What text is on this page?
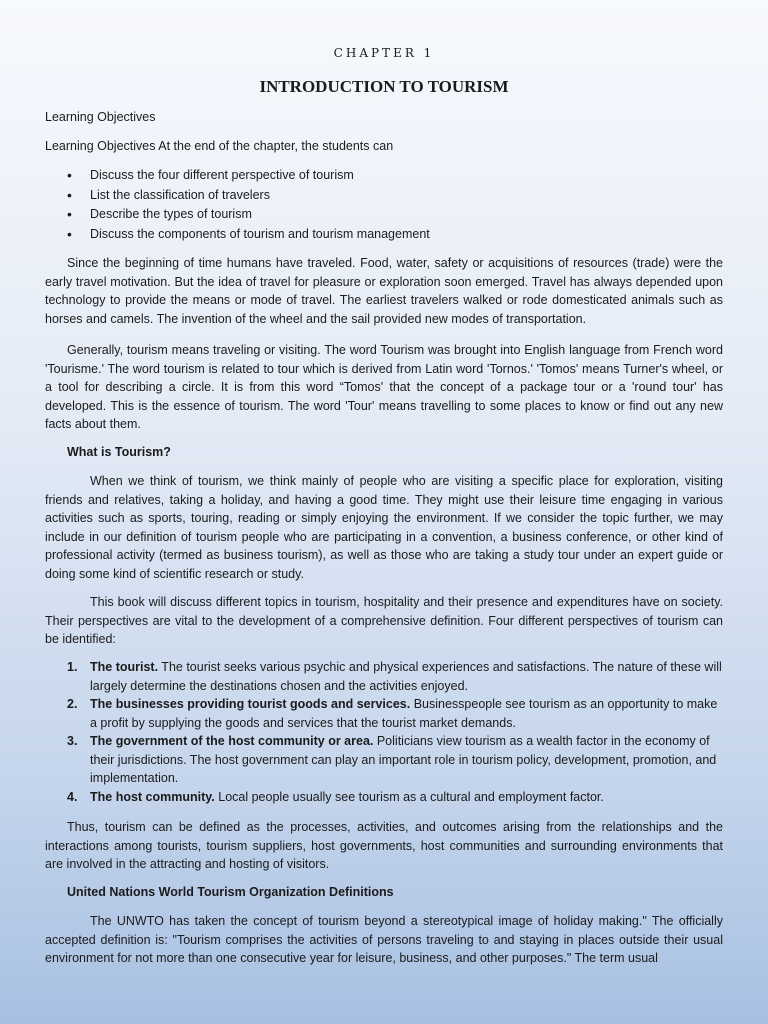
CHAPTER 1
INTRODUCTION TO TOURISM
Learning Objectives
Learning Objectives At the end of the chapter, the students can
• Discuss the four different perspective of tourism
• List the classification of travelers
• Describe the types of tourism
• Discuss the components of tourism and tourism management

Since the beginning of time humans have traveled. Food, water, safety or acquisitions of resources (trade) were the early travel motivation. But the idea of travel for pleasure or exploration soon emerged. Travel has always depended upon technology to provide the means or mode of travel. The earliest travelers walked or rode domesticated animals such as horses and camels. The invention of the wheel and the sail provided new modes of transportation.

Generally, tourism means traveling or visiting. The word Tourism was brought into English language from French word 'Tourisme.' The word tourism is related to tour which is derived from Latin word 'Tornos.' 'Tomos' means Turner's wheel, or a tool for describing a circle. It is from this word “Tomos' that the concept of a package tour or a 'round tour' has developed. This is the essence of tourism. The word 'Tour' means travelling to some places to know or find out any new facts about them.

What is Tourism?

When we think of tourism, we think mainly of people who are visiting a specific place for exploration, visiting friends and relatives, taking a holiday, and having a good time. They might use their leisure time engaging in various activities such as sports, touring, reading or simply enjoying the environment. If we consider the topic further, we may include in our definition of tourism people who are participating in a convention, a business conference, or other kind of professional activity (termed as business tourism), as well as those who are taking a study tour under an expert guide or doing some kind of scientific research or study.

This book will discuss different topics in tourism, hospitality and their presence and expenditures have on society. Their perspectives are vital to the development of a comprehensive definition. Four different perspectives of tourism can be identified:

1. The tourist. The tourist seeks various psychic and physical experiences and satisfactions. The nature of these will largely determine the destinations chosen and the activities enjoyed.
2. The businesses providing tourist goods and services. Businesspeople see tourism as an opportunity to make a profit by supplying the goods and services that the tourist market demands.
3. The government of the host community or area. Politicians view tourism as a wealth factor in the economy of their jurisdictions. The host government can play an important role in tourism policy, development, promotion, and implementation.
4. The host community. Local people usually see tourism as a cultural and employment factor.

Thus, tourism can be defined as the processes, activities, and outcomes arising from the relationships and the interactions among tourists, tourism suppliers, host governments, host communities and surrounding environments that are involved in the attracting and hosting of visitors.

United Nations World Tourism Organization Definitions

The UNWTO has taken the concept of tourism beyond a stereotypical image of holiday making." The officially accepted definition is: "Tourism comprises the activities of persons traveling to and staying in places outside their usual environment for not more than one consecutive year for leisure, business, and other purposes." The term usual
